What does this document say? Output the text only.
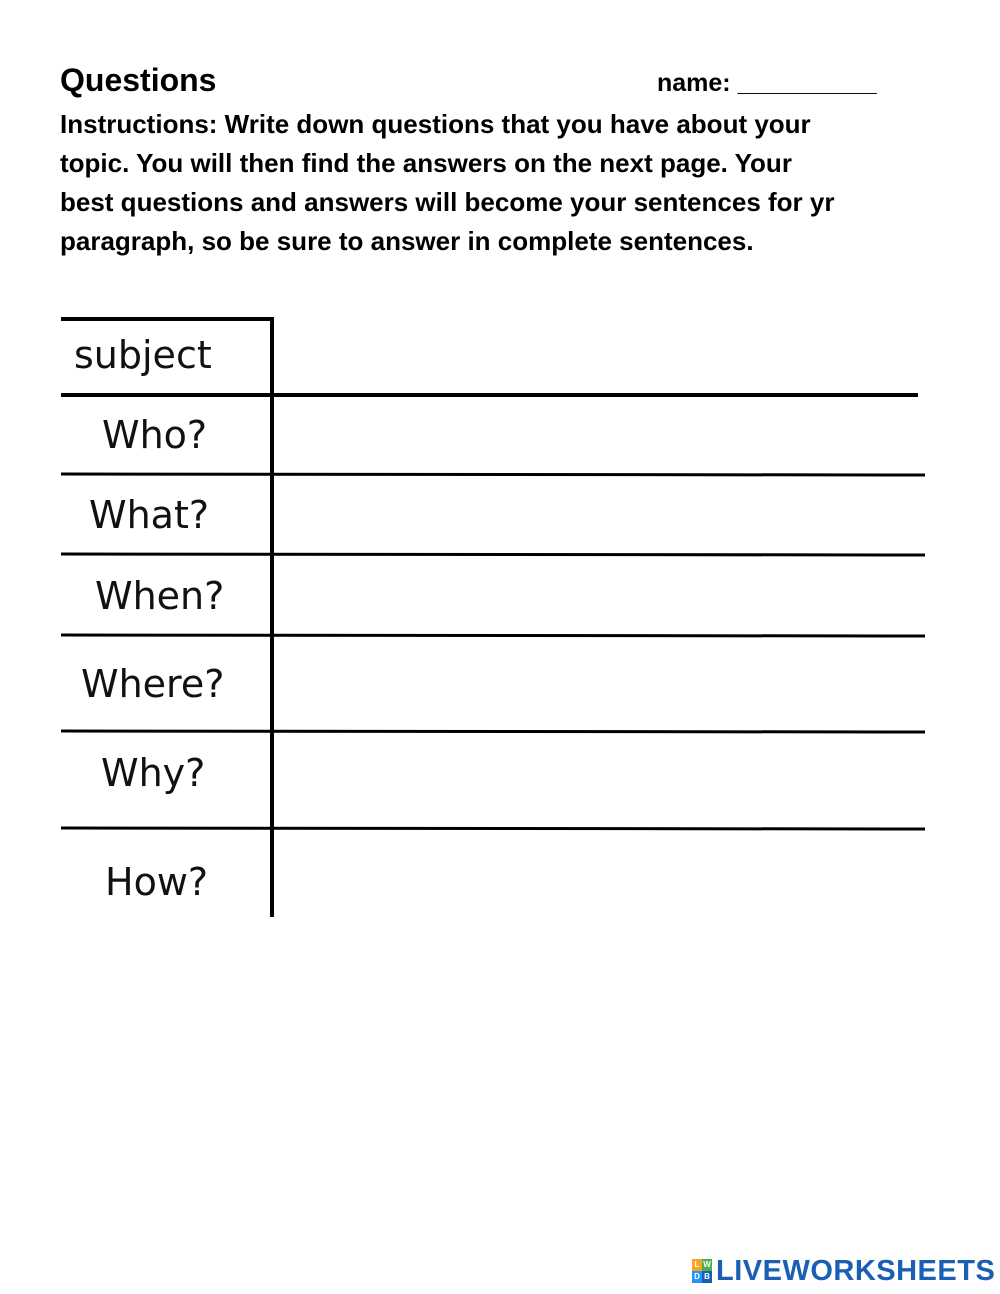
Questions	name: __________
Instructions: Write down questions that you have about your
topic. You will then find the answers on the next page. Your
best questions and answers will become your sentences for yr
paragraph, so be sure to answer in complete sentences.
subject
Who?
What?
When?
Where?
Why?
How?
L W
D B LIVEWORKSHEETS
